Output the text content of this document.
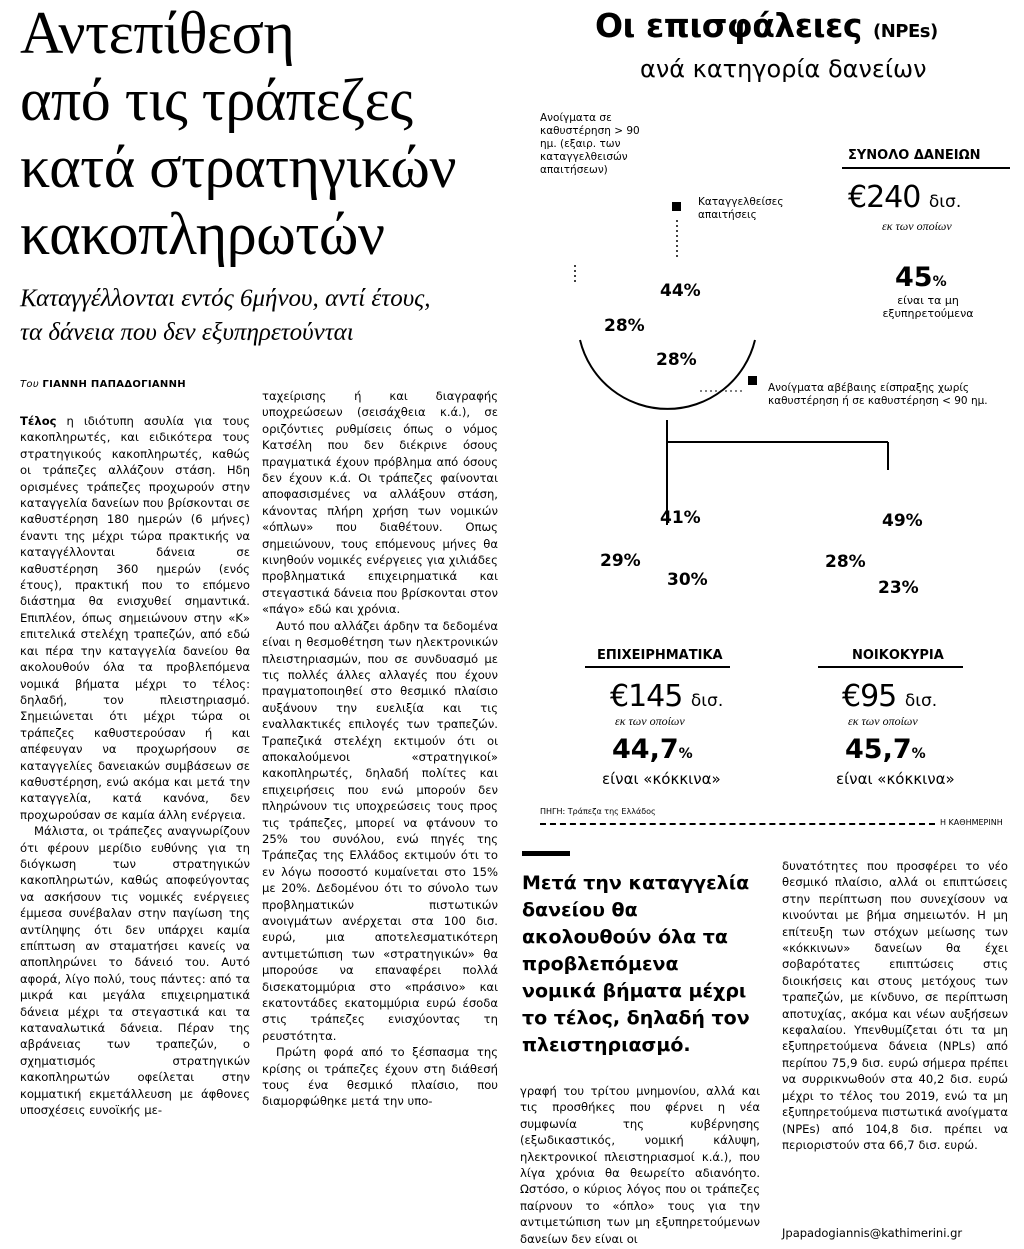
Αντεπίθεση
από τις τράπεζες
κατά στρατηγικών
κακοπληρωτών
Καταγγέλλονται εντός 6μήνου, αντί έτους,
τα δάνεια που δεν εξυπηρετούνται
Του ΓΙΑΝΝΗ ΠΑΠΑΔΟΓΙΑΝΝΗ

Τέλος η ιδιότυπη ασυλία για τους κακοπληρωτές, και ειδικότερα τους στρατηγικούς κακοπληρωτές, καθώς οι τράπεζες αλλάζουν στάση. Ηδη ορισμένες τράπεζες προχωρούν στην καταγγελία δανείων που βρίσκονται σε καθυστέρηση 180 ημερών (6 μήνες) έναντι της μέχρι τώρα πρακτικής να καταγγέλλονται δάνεια σε καθυστέρηση 360 ημερών (ενός έτους), πρακτική που το επόμενο διάστημα θα ενισχυθεί σημαντικά. Επιπλέον, όπως σημειώνουν στην «Κ» επιτελικά στελέχη τραπεζών, από εδώ και πέρα την καταγγελία δανείου θα ακολουθούν όλα τα προβλεπόμενα νομικά βήματα μέχρι το τέλος: δηλαδή, τον πλειστηριασμό. Σημειώνεται ότι μέχρι τώρα οι τράπεζες καθυστερούσαν ή και απέφευγαν να προχωρήσουν σε καταγγελίες δανειακών συμβάσεων σε καθυστέρηση, ενώ ακόμα και μετά την καταγγελία, κατά κανόνα, δεν προχωρούσαν σε καμία άλλη ενέργεια.

Μάλιστα, οι τράπεζες αναγνωρίζουν ότι φέρουν μερίδιο ευθύνης για τη διόγκωση των στρατηγικών κακοπληρωτών, καθώς αποφεύγοντας να ασκήσουν τις νομικές ενέργειες έμμεσα συνέβαλαν στην παγίωση της αντίληψης ότι δεν υπάρχει καμία επίπτωση αν σταματήσει κανείς να αποπληρώνει το δάνειό του. Αυτό αφορά, λίγο πολύ, τους πάντες: από τα μικρά και μεγάλα επιχειρηματικά δάνεια μέχρι τα στεγαστικά και τα καταναλωτικά δάνεια. Πέραν της αβράνειας των τραπεζών, ο σχηματισμός στρατηγικών κακοπληρωτών οφείλεται στην κομματική εκμετάλλευση με άφθονες υποσχέσεις ευνοϊκής με-

ταχείρισης ή και διαγραφής υποχρεώσεων (σεισάχθεια κ.ά.), σε οριζόντιες ρυθμίσεις όπως ο νόμος Κατσέλη που δεν διέκρινε όσους πραγματικά έχουν πρόβλημα από όσους δεν έχουν κ.ά. Οι τράπεζες φαίνονται αποφασισμένες να αλλάξουν στάση, κάνοντας πλήρη χρήση των νομικών «όπλων» που διαθέτουν. Οπως σημειώνουν, τους επόμενους μήνες θα κινηθούν νομικές ενέργειες για χιλιάδες προβληματικά επιχειρηματικά και στεγαστικά δάνεια που βρίσκονται στον «πάγο» εδώ και χρόνια.

Αυτό που αλλάζει άρδην τα δεδομένα είναι η θεσμοθέτηση των ηλεκτρονικών πλειστηριασμών, που σε συνδυασμό με τις πολλές άλλες αλλαγές που έχουν πραγματοποιηθεί στο θεσμικό πλαίσιο αυξάνουν την ευελιξία και τις εναλλακτικές επιλογές των τραπεζών. Τραπεζικά στελέχη εκτιμούν ότι οι αποκαλούμενοι «στρατηγικοί» κακοπληρωτές, δηλαδή πολίτες και επιχειρήσεις που ενώ μπορούν δεν πληρώνουν τις υποχρεώσεις τους προς τις τράπεζες, μπορεί να φτάνουν το 25% του συνόλου, ενώ πηγές της Τράπεζας της Ελλάδος εκτιμούν ότι το εν λόγω ποσοστό κυμαίνεται στο 15% με 20%. Δεδομένου ότι το σύνολο των προβληματικών πιστωτικών ανοιγμάτων ανέρχεται στα 100 δισ. ευρώ, μια αποτελεσματικότερη αντιμετώπιση των «στρατηγικών» θα μπορούσε να επαναφέρει πολλά δισεκατομμύρια στο «πράσινο» και εκατοντάδες εκατομμύρια ευρώ έσοδα στις τράπεζες ενισχύοντας τη ρευστότητα.

Πρώτη φορά από το ξέσπασμα της κρίσης οι τράπεζες έχουν στη διάθεσή τους ένα θεσμικό πλαίσιο, που διαμορφώθηκε μετά την υπο-

Οι επισφάλειες (NPEs)
ανά κατηγορία δανείων
Ανοίγματα σε καθυστέρηση > 90 ημ. (εξαιρ. των καταγγελθεισών απαιτήσεων)
Καταγγελθείσες απαιτήσεις
Ανοίγματα αβέβαιης είσπραξης χωρίς καθυστέρηση ή σε καθυστέρηση < 90 ημ.
ΣΥΝΟΛΟ ΔΑΝΕΙΩΝ
€240 δισ.
εκ των οποίων
45%
είναι τα μη εξυπηρετούμενα
28%
44%
28%
41%
29%
30%
ΕΠΙΧΕΙΡΗΜΑΤΙΚΑ
€145 δισ.
εκ των οποίων
44,7%
είναι «κόκκινα»
49%
28%
23%
ΝΟΙΚΟΚΥΡΙΑ
€95 δισ.
εκ των οποίων
45,7%
είναι «κόκκινα»
ΠΗΓΗ: Τράπεζα της Ελλάδος
Η ΚΑΘΗΜΕΡΙΝΗ
Μετά την καταγγελία δανείου θα ακολουθούν όλα τα προβλεπόμενα νομικά βήματα μέχρι το τέλος, δηλαδή τον πλειστηριασμό.

γραφή του τρίτου μνημονίου, αλλά και τις προσθήκες που φέρνει η νέα συμφωνία της κυβέρνησης (εξωδικαστικός, νομική κάλυψη, ηλεκτρονικοί πλειστηριασμοί κ.ά.), που λίγα χρόνια θα θεωρείτο αδιανόητο. Ωστόσο, ο κύριος λόγος που οι τράπεζες παίρνουν το «όπλο» τους για την αντιμετώπιση των μη εξυπηρετούμενων δανείων δεν είναι οι

δυνατότητες που προσφέρει το νέο θεσμικό πλαίσιο, αλλά οι επιπτώσεις στην περίπτωση που συνεχίσουν να κινούνται με βήμα σημειωτόν. Η μη επίτευξη των στόχων μείωσης των «κόκκινων» δανείων θα έχει σοβαρότατες επιπτώσεις στις διοικήσεις και στους μετόχους των τραπεζών, με κίνδυνο, σε περίπτωση αποτυχίας, ακόμα και νέων αυξήσεων κεφαλαίου. Υπενθυμίζεται ότι τα μη εξυπηρετούμενα δάνεια (NPLs) από περίπου 75,9 δισ. ευρώ σήμερα πρέπει να συρρικνωθούν στα 40,2 δισ. ευρώ μέχρι το τέλος του 2019, ενώ τα μη εξυπηρετούμενα πιστωτικά ανοίγματα (NPEs) από 104,8 δισ. πρέπει να περιοριστούν στα 66,7 δισ. ευρώ.

Jpapadogiannis@kathimerini.gr
